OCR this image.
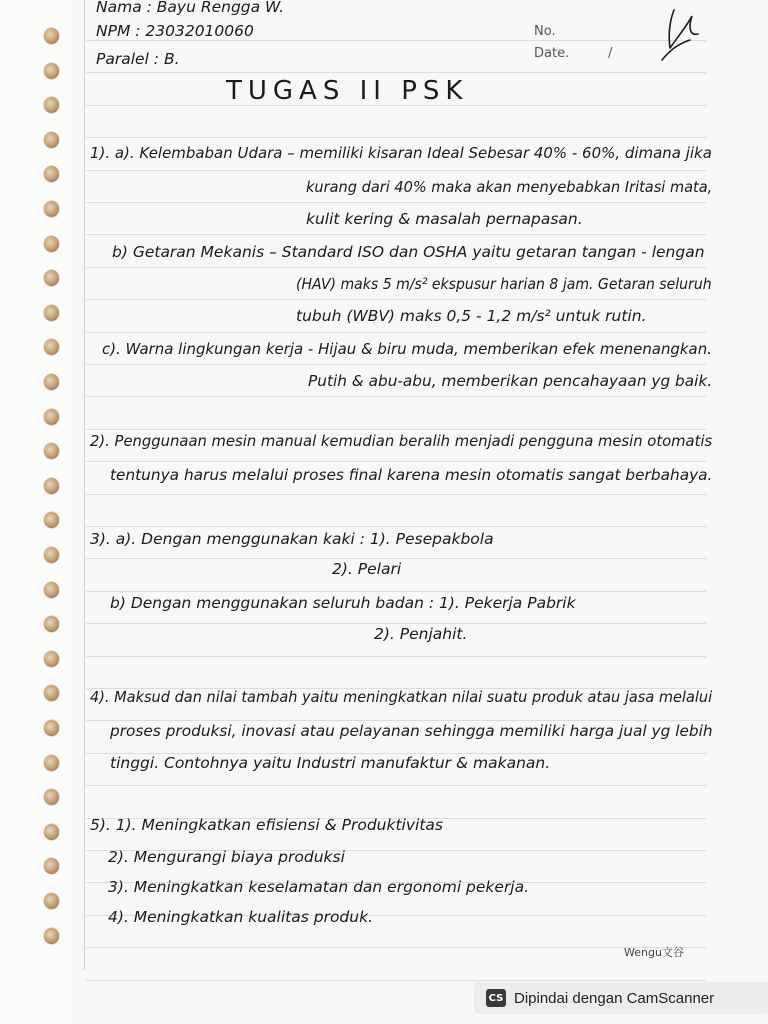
Nama : Bayu Rengga W.
NPM : 23032010060
Paralel : B.
No.
Date.	/
TUGAS II PSK
1). a). Kelembaban Udara – memiliki kisaran Ideal Sebesar 40% - 60%, dimana jika
kurang dari 40% maka akan menyebabkan Iritasi mata,
kulit kering & masalah pernapasan.
b) Getaran Mekanis – Standard ISO dan OSHA yaitu getaran tangan - lengan
(HAV) maks 5 m/s² ekspusur harian 8 jam. Getaran seluruh
tubuh (WBV) maks 0,5 - 1,2 m/s² untuk rutin.
c). Warna lingkungan kerja - Hijau & biru muda, memberikan efek menenangkan.
Putih & abu-abu, memberikan pencahayaan yg baik.
2). Penggunaan mesin manual kemudian beralih menjadi pengguna mesin otomatis
tentunya harus melalui proses final karena mesin otomatis sangat berbahaya.
3). a). Dengan menggunakan kaki : 1). Pesepakbola
2). Pelari
b) Dengan menggunakan seluruh badan : 1). Pekerja Pabrik
2). Penjahit.
4). Maksud dan nilai tambah yaitu meningkatkan nilai suatu produk atau jasa melalui
proses produksi, inovasi atau pelayanan sehingga memiliki harga jual yg lebih
tinggi. Contohnya yaitu Industri manufaktur & makanan.
5). 1). Meningkatkan efisiensi & Produktivitas
2). Mengurangi biaya produksi
3). Meningkatkan keselamatan dan ergonomi pekerja.
4). Meningkatkan kualitas produk.
Wengu文谷
CS Dipindai dengan CamScanner
